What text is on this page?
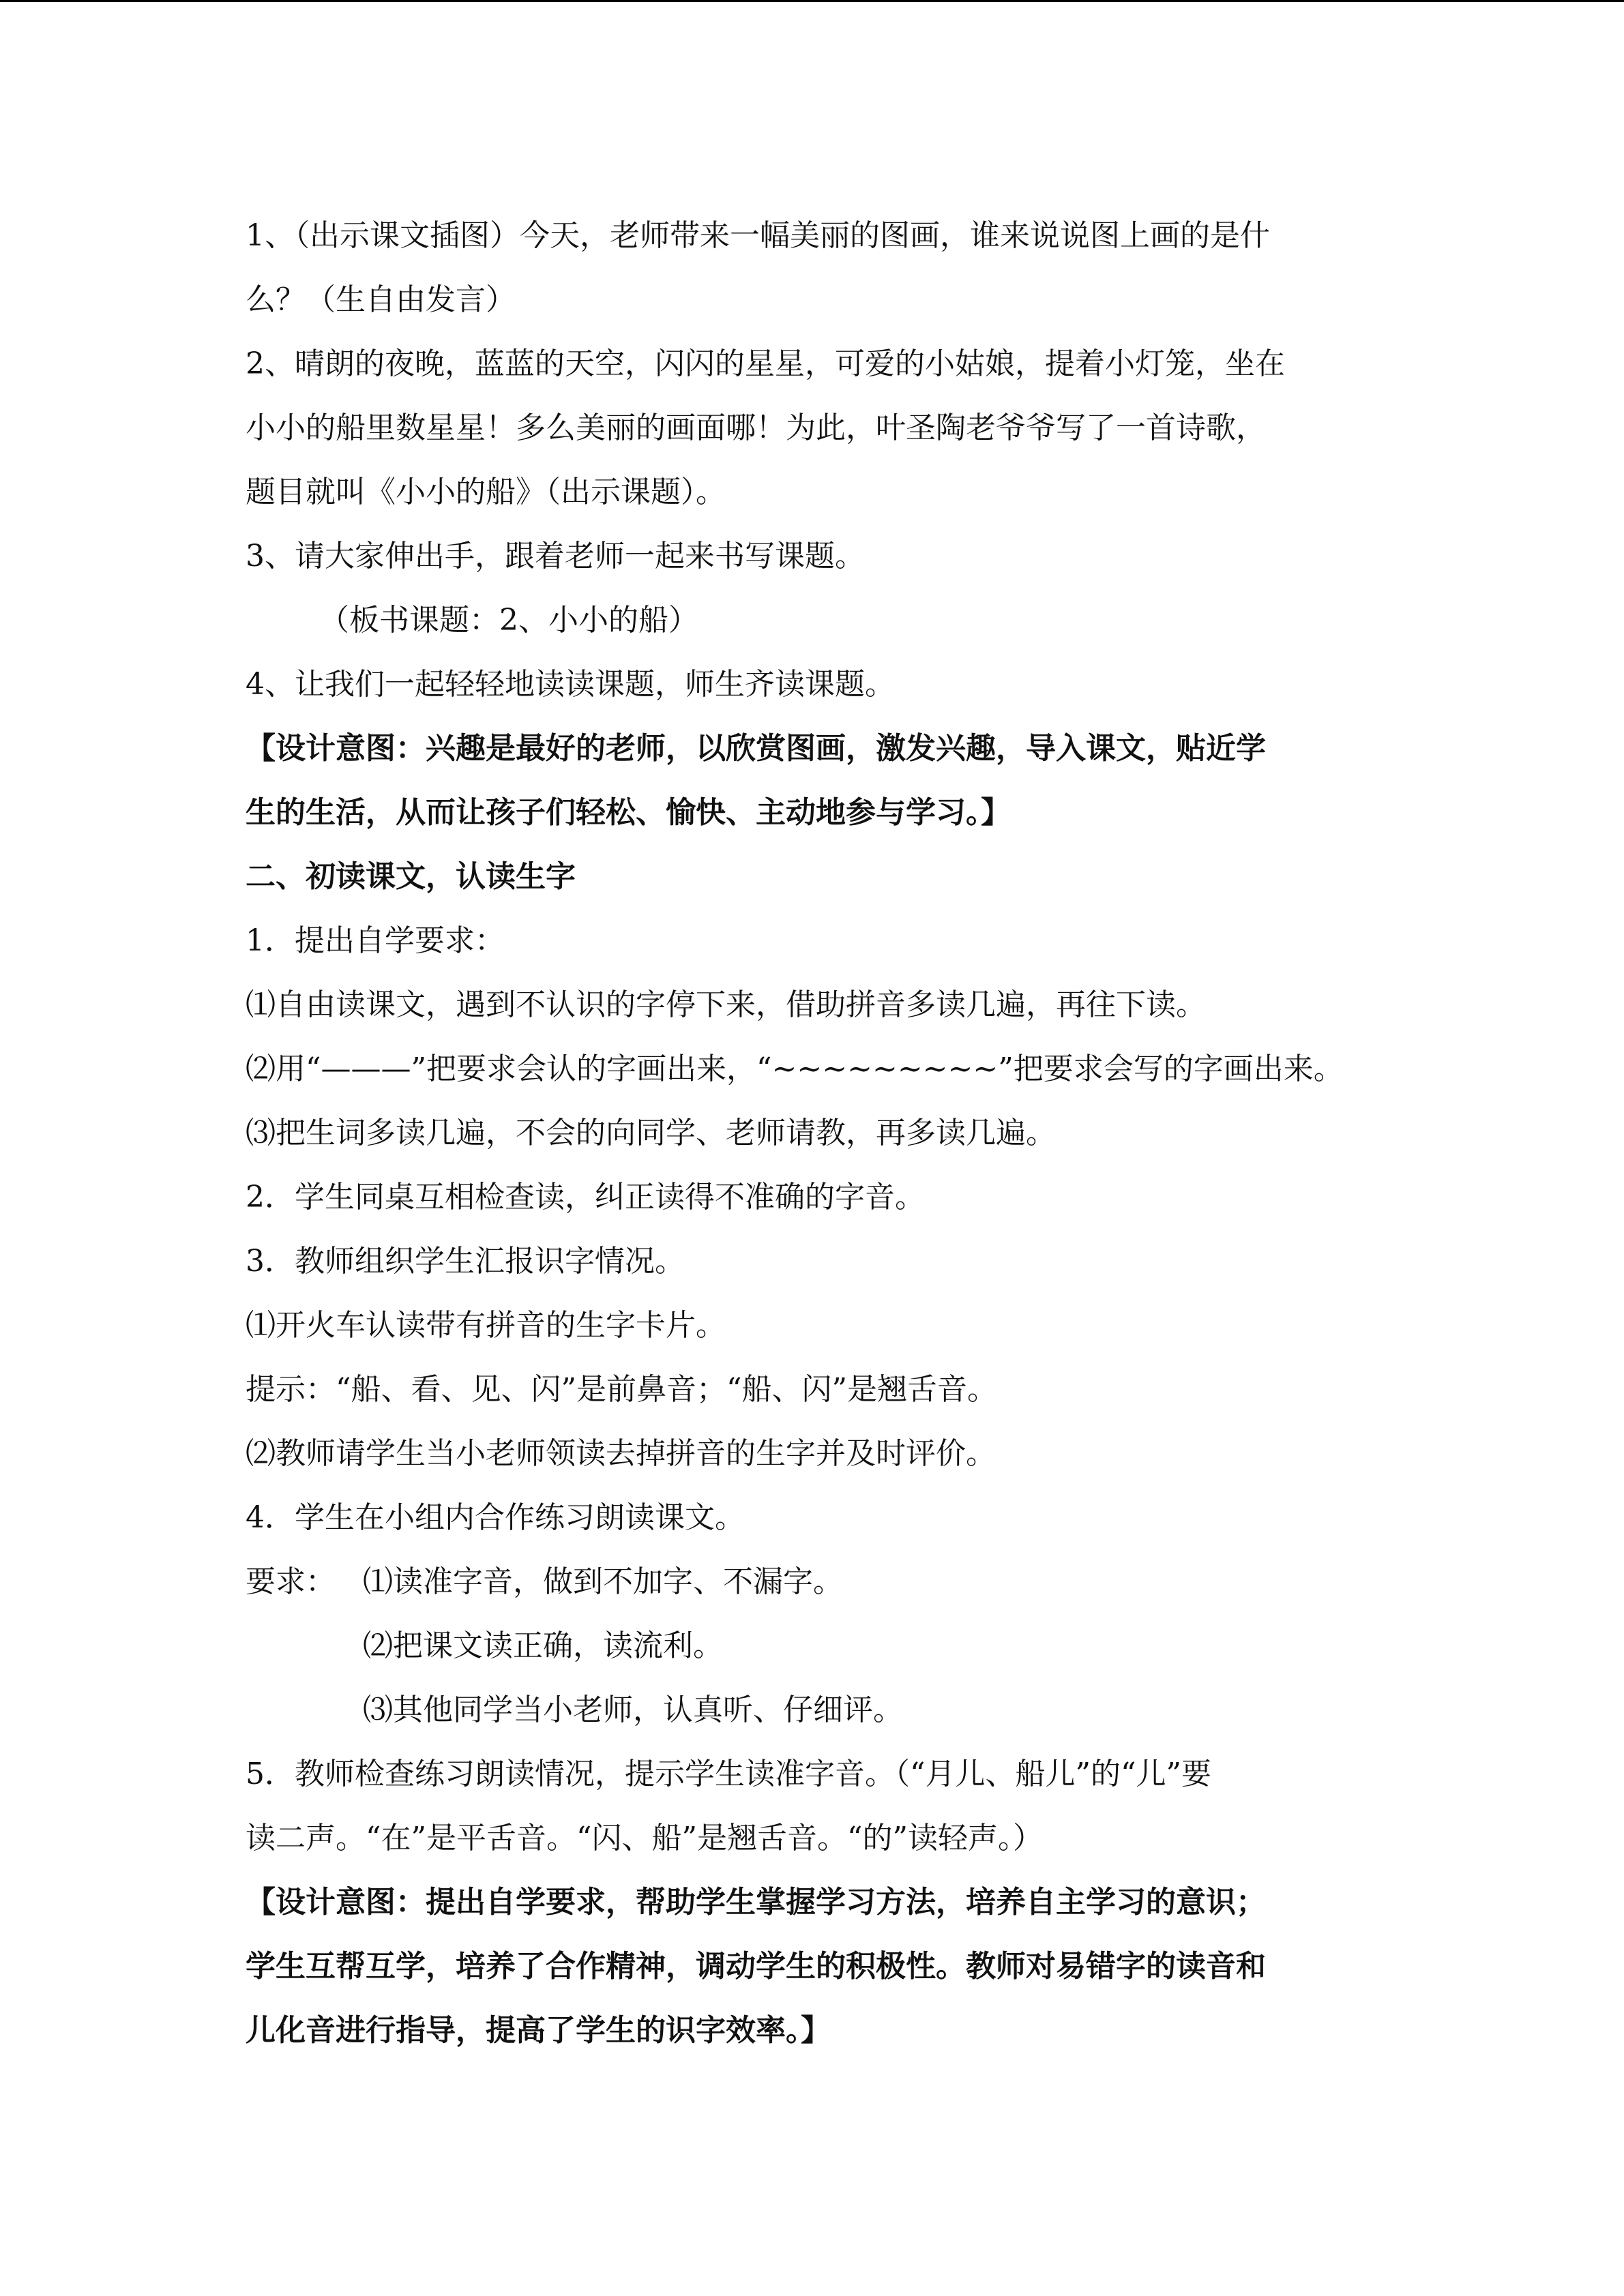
1、（出示课文插图）今天，老师带来一幅美丽的图画，谁来说说图上画的是什
么？（生自由发言）
2、晴朗的夜晚，蓝蓝的天空，闪闪的星星，可爱的小姑娘，提着小灯笼，坐在
小小的船里数星星！多么美丽的画面哪！为此，叶圣陶老爷爷写了一首诗歌，
题目就叫《小小的船》（出示课题）。
3、请大家伸出手，跟着老师一起来书写课题。
（板书课题：2、小小的船）
4、让我们一起轻轻地读读课题，师生齐读课题。
【设计意图：兴趣是最好的老师，以欣赏图画，激发兴趣，导入课文，贴近学
生的生活，从而让孩子们轻松、愉快、主动地参与学习。】
二、初读课文，认读生字
1．提出自学要求：
⑴自由读课文，遇到不认识的字停下来，借助拼音多读几遍，再往下读。
⑵用“———”把要求会认的字画出来，“~~~~~~~~~”把要求会写的字画出来。
⑶把生词多读几遍，不会的向同学、老师请教，再多读几遍。
2．学生同桌互相检查读，纠正读得不准确的字音。
3．教师组织学生汇报识字情况。
⑴开火车认读带有拼音的生字卡片。
提示：“船、看、见、闪”是前鼻音；“船、闪”是翘舌音。
⑵教师请学生当小老师领读去掉拼音的生字并及时评价。
4．学生在小组内合作练习朗读课文。
要求： ⑴读准字音，做到不加字、不漏字。
⑵把课文读正确，读流利。
⑶其他同学当小老师，认真听、仔细评。
5．教师检查练习朗读情况，提示学生读准字音。（“月儿、船儿”的“儿”要
读二声。“在”是平舌音。“闪、船”是翘舌音。“的”读轻声。）
【设计意图：提出自学要求，帮助学生掌握学习方法，培养自主学习的意识；
学生互帮互学，培养了合作精神，调动学生的积极性。教师对易错字的读音和
儿化音进行指导，提高了学生的识字效率。】
